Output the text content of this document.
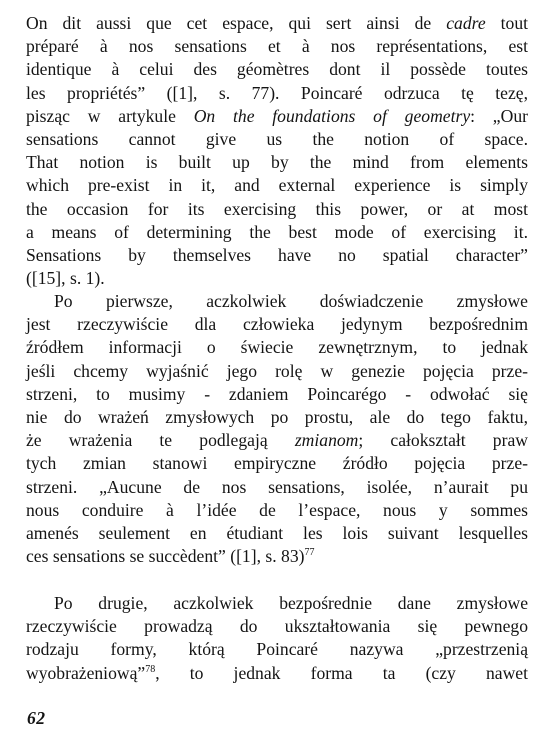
On dit aussi que cet espace, qui sert ainsi de cadre tout
préparé à nos sensations et à nos représentations, est
identique à celui des géomètres dont il possède toutes
les propriétés” ([1], s. 77). Poincaré odrzuca tę tezę,
pisząc w artykule On the foundations of geometry: „Our
sensations cannot give us the notion of space.
That notion is built up by the mind from elements
which pre-exist in it, and external experience is simply
the occasion for its exercising this power, or at most
a means of determining the best mode of exercising it.
Sensations by themselves have no spatial character”
([15], s. 1).
Po pierwsze, aczkolwiek doświadczenie zmysłowe
jest rzeczywiście dla człowieka jedynym bezpośrednim
źródłem informacji o świecie zewnętrznym, to jednak
jeśli chcemy wyjaśnić jego rolę w genezie pojęcia prze-
strzeni, to musimy - zdaniem Poincarégo - odwołać się
nie do wrażeń zmysłowych po prostu, ale do tego faktu,
że wrażenia te podlegają zmianom; całokształt praw
tych zmian stanowi empiryczne źródło pojęcia prze-
strzeni. „Aucune de nos sensations, isolée, n’aurait pu
nous conduire à l’idée de l’espace, nous y sommes
amenés seulement en étudiant les lois suivant lesquelles
ces sensations se succèdent” ([1], s. 83)$^{77}$
Po drugie, aczkolwiek bezpośrednie dane zmysłowe
rzeczywiście prowadzą do ukształtowania się pewnego
rodzaju formy, którą Poincaré nazywa „przestrzenią
wyobrażeniową”$^{78}$, to jednak forma ta (czy nawet
62
